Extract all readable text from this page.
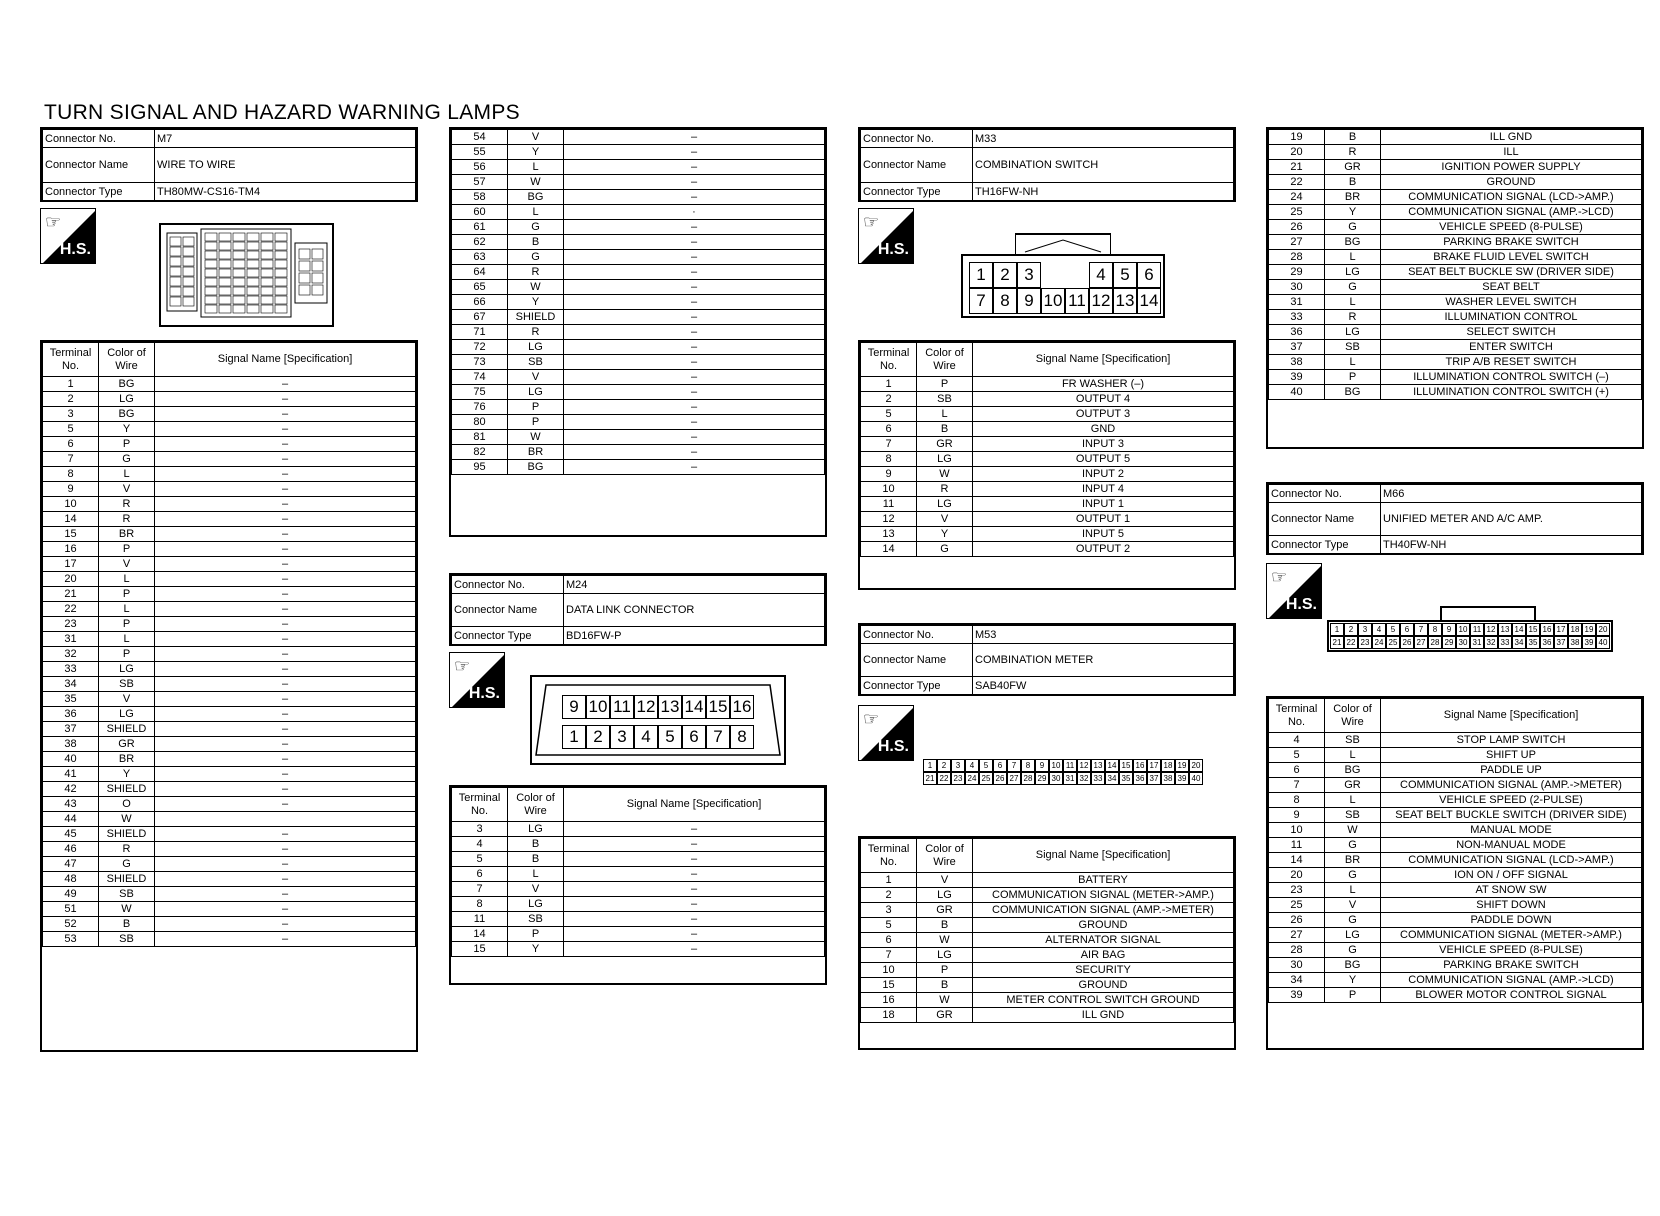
TURN SIGNAL AND HAZARD WARNING LAMPS
Connector No.	M7
Connector Name	WIRE TO WIRE
Connector Type	TH80MW-CS16-TM4
☞
H.S.
Terminal No.	Color of Wire	Signal Name [Specification]
1	BG	–
2	LG	–
3	BG	–
5	Y	–
6	P	–
7	G	–
8	L	–
9	V	–
10	R	–
14	R	–
15	BR	–
16	P	–
17	V	–
20	L	–
21	P	–
22	L	–
23	P	–
31	L	–
32	P	–
33	LG	–
34	SB	–
35	V	–
36	LG	–
37	SHIELD	–
38	GR	–
40	BR	–
41	Y	–
42	SHIELD	–
43	O	–
44	W	
45	SHIELD	–
46	R	–
47	G	–
48	SHIELD	–
49	SB	–
51	W	–
52	B	–
53	SB	–
54	V	–
55	Y	–
56	L	–
57	W	–
58	BG	–
60	L	·
61	G	–
62	B	–
63	G	–
64	R	–
65	W	–
66	Y	–
67	SHIELD	–
71	R	–
72	LG	–
73	SB	–
74	V	–
75	LG	–
76	P	–
80	P	–
81	W	–
82	BR	–
95	BG	–
Connector No.	M24
Connector Name	DATA LINK CONNECTOR
Connector Type	BD16FW-P
☞
H.S.
9 10 11 12 13 14 15 16
1 2 3 4 5 6 7 8
Terminal No.	Color of Wire	Signal Name [Specification]
3	LG	–
4	B	–
5	B	–
6	L	–
7	V	–
8	LG	–
11	SB	–
14	P	–
15	Y	–
Connector No.	M33
Connector Name	COMBINATION SWITCH
Connector Type	TH16FW-NH
☞
H.S.
1 2 3	4 5 6
7 8 9 10 11 12 13 14
Terminal No.	Color of Wire	Signal Name [Specification]
1	P	FR WASHER (–)
2	SB	OUTPUT 4
5	L	OUTPUT 3
6	B	GND
7	GR	INPUT 3
8	LG	OUTPUT 5
9	W	INPUT 2
10	R	INPUT 4
11	LG	INPUT 1
12	V	OUTPUT 1
13	Y	INPUT 5
14	G	OUTPUT 2
Connector No.	M53
Connector Name	COMBINATION METER
Connector Type	SAB40FW
☞
H.S.
1	2	3	4	5	6	7	8	9 10 11 12 13 14 15 16 17 18 19 20
21 22 23 24 25 26 27 28 29 30 31 32 33 34 35 36 37 38 39 40
Terminal No.	Color of Wire	Signal Name [Specification]
1	V	BATTERY
2	LG	COMMUNICATION SIGNAL (METER->AMP.)
3	GR	COMMUNICATION SIGNAL (AMP.->METER)
5	B	GROUND
6	W	ALTERNATOR SIGNAL
7	LG	AIR BAG
10	P	SECURITY
15	B	GROUND
16	W	METER CONTROL SWITCH GROUND
18	GR	ILL GND
19	B	ILL GND
20	R	ILL
21	GR	IGNITION POWER SUPPLY
22	B	GROUND
24	BR	COMMUNICATION SIGNAL (LCD->AMP.)
25	Y	COMMUNICATION SIGNAL (AMP.->LCD)
26	G	VEHICLE SPEED (8-PULSE)
27	BG	PARKING BRAKE SWITCH
28	L	BRAKE FLUID LEVEL SWITCH
29	LG	SEAT BELT BUCKLE SW (DRIVER SIDE)
30	G	SEAT BELT
31	L	WASHER LEVEL SWITCH
33	R	ILLUMINATION CONTROL
36	LG	SELECT SWITCH
37	SB	ENTER SWITCH
38	L	TRIP A/B RESET SWITCH
39	P	ILLUMINATION CONTROL SWITCH (–)
40	BG	ILLUMINATION CONTROL SWITCH (+)
Connector No.	M66
Connector Name	UNIFIED METER AND A/C AMP.
Connector Type	TH40FW-NH
☞
H.S.
1	2	3	4	5	6	7	8	9 10 11 12 13 14 15 16 17 18 19 20
21 22 23 24 25 26 27 28 29 30 31 32 33 34 35 36 37 38 39 40
Terminal No.	Color of Wire	Signal Name [Specification]
4	SB	STOP LAMP SWITCH
5	L	SHIFT UP
6	BG	PADDLE UP
7	GR	COMMUNICATION SIGNAL (AMP.->METER)
8	L	VEHICLE SPEED (2-PULSE)
9	SB	SEAT BELT BUCKLE SWITCH (DRIVER SIDE)
10	W	MANUAL MODE
11	G	NON-MANUAL MODE
14	BR	COMMUNICATION SIGNAL (LCD->AMP.)
20	G	ION ON / OFF SIGNAL
23	L	AT SNOW SW
25	V	SHIFT DOWN
26	G	PADDLE DOWN
27	LG	COMMUNICATION SIGNAL (METER->AMP.)
28	G	VEHICLE SPEED (8-PULSE)
30	BG	PARKING BRAKE SWITCH
34	Y	COMMUNICATION SIGNAL (AMP.->LCD)
39	P	BLOWER MOTOR CONTROL SIGNAL
